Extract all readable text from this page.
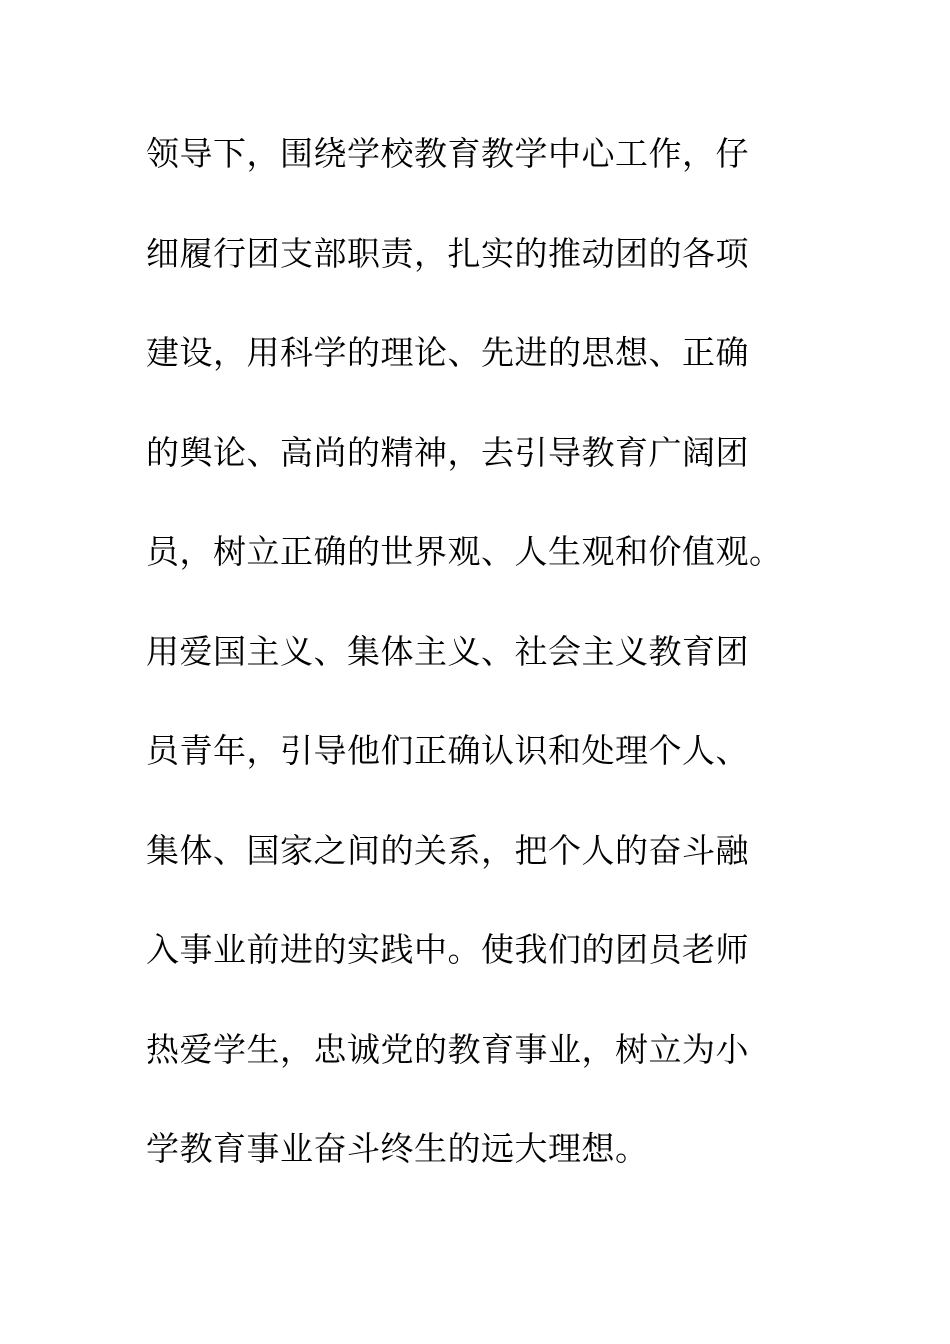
领导下，围绕学校教育教学中心工作，仔
细履行团支部职责，扎实的推动团的各项
建设，用科学的理论、先进的思想、正确
的舆论、高尚的精神，去引导教育广阔团
员，树立正确的世界观、人生观和价值观。
用爱国主义、集体主义、社会主义教育团
员青年，引导他们正确认识和处理个人、
集体、国家之间的关系，把个人的奋斗融
入事业前进的实践中。使我们的团员老师
热爱学生，忠诚党的教育事业，树立为小
学教育事业奋斗终生的远大理想。
